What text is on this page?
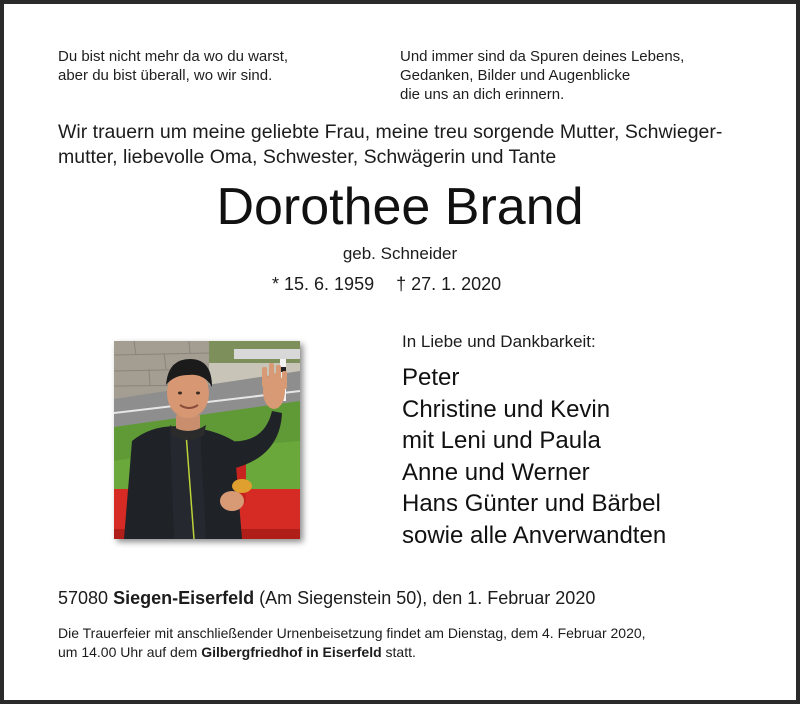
Du bist nicht mehr da wo du warst,
aber du bist überall, wo wir sind.
Und immer sind da Spuren deines Lebens,
Gedanken, Bilder und Augenblicke
die uns an dich erinnern.
Wir trauern um meine geliebte Frau, meine treu sorgende Mutter, Schwieger-
mutter, liebevolle Oma, Schwester, Schwägerin und Tante
Dorothee Brand
geb. Schneider
* 15. 6. 1959 † 27. 1. 2020
In Liebe und Dankbarkeit:
Peter
Christine und Kevin
mit Leni und Paula
Anne und Werner
Hans Günter und Bärbel
sowie alle Anverwandten
57080 Siegen-Eiserfeld (Am Siegenstein 50), den 1. Februar 2020
Die Trauerfeier mit anschließender Urnenbeisetzung findet am Dienstag, dem 4. Februar 2020,
um 14.00 Uhr auf dem Gilbergfriedhof in Eiserfeld statt.
